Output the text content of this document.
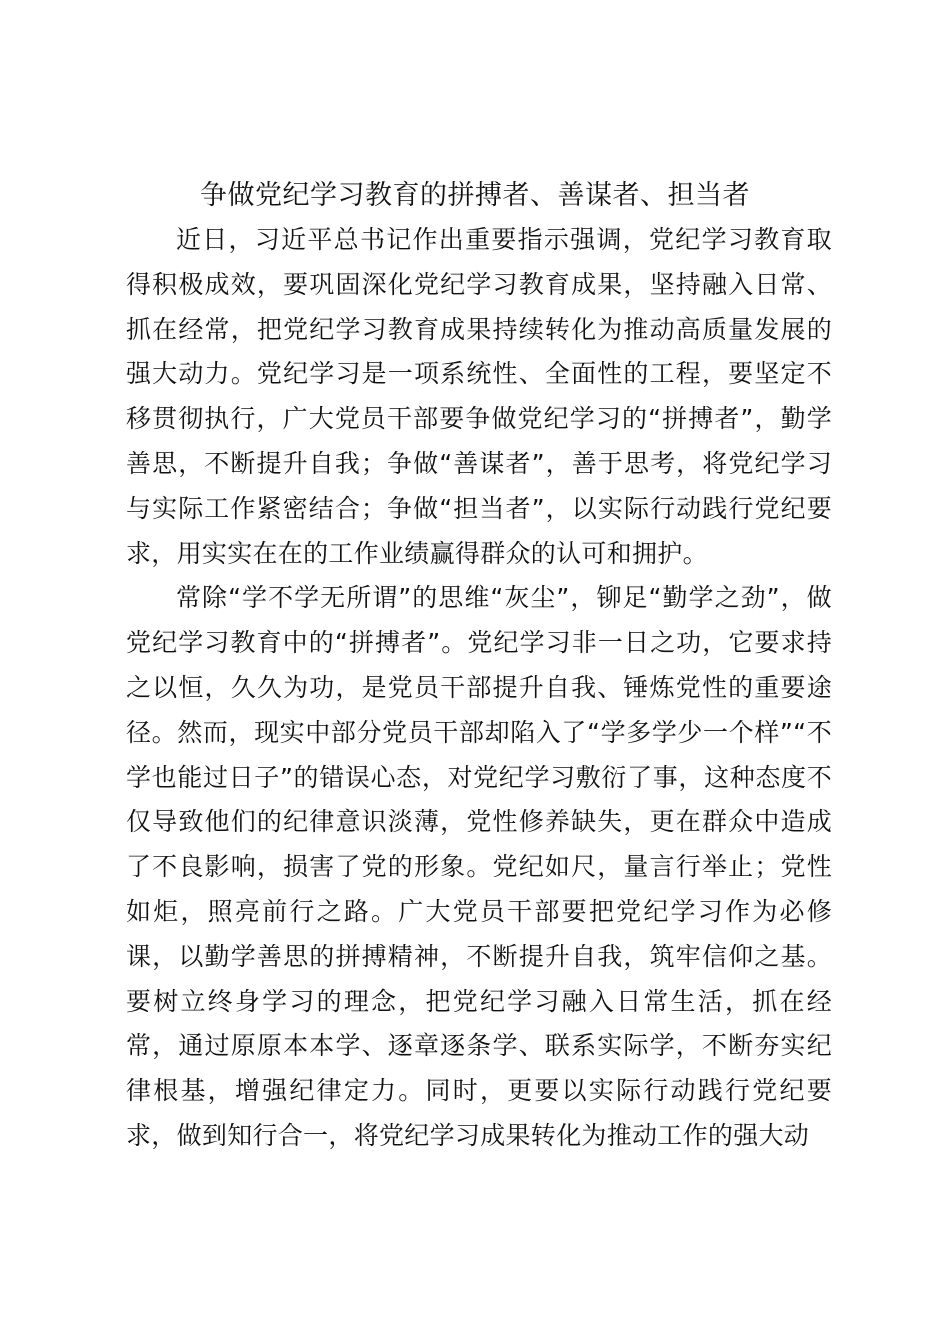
争做党纪学习教育的拼搏者、善谋者、担当者

近日，习近平总书记作出重要指示强调，党纪学习教育取得积极成效，要巩固深化党纪学习教育成果，坚持融入日常、抓在经常，把党纪学习教育成果持续转化为推动高质量发展的强大动力。党纪学习是一项系统性、全面性的工程，要坚定不移贯彻执行，广大党员干部要争做党纪学习的“拼搏者”，勤学善思，不断提升自我；争做“善谋者”，善于思考，将党纪学习与实际工作紧密结合；争做“担当者”，以实际行动践行党纪要求，用实实在在的工作业绩赢得群众的认可和拥护。

常除“学不学无所谓”的思维“灰尘”，铆足“勤学之劲”，做党纪学习教育中的“拼搏者”。党纪学习非一日之功，它要求持之以恒，久久为功，是党员干部提升自我、锤炼党性的重要途径。然而，现实中部分党员干部却陷入了“学多学少一个样”“不学也能过日子”的错误心态，对党纪学习敷衍了事，这种态度不仅导致他们的纪律意识淡薄，党性修养缺失，更在群众中造成了不良影响，损害了党的形象。党纪如尺，量言行举止；党性如炬，照亮前行之路。广大党员干部要把党纪学习作为必修课，以勤学善思的拼搏精神，不断提升自我，筑牢信仰之基。要树立终身学习的理念，把党纪学习融入日常生活，抓在经常，通过原原本本学、逐章逐条学、联系实际学，不断夯实纪律根基，增强纪律定力。同时，更要以实际行动践行党纪要求，做到知行合一，将党纪学习成果转化为推动工作的强大动
